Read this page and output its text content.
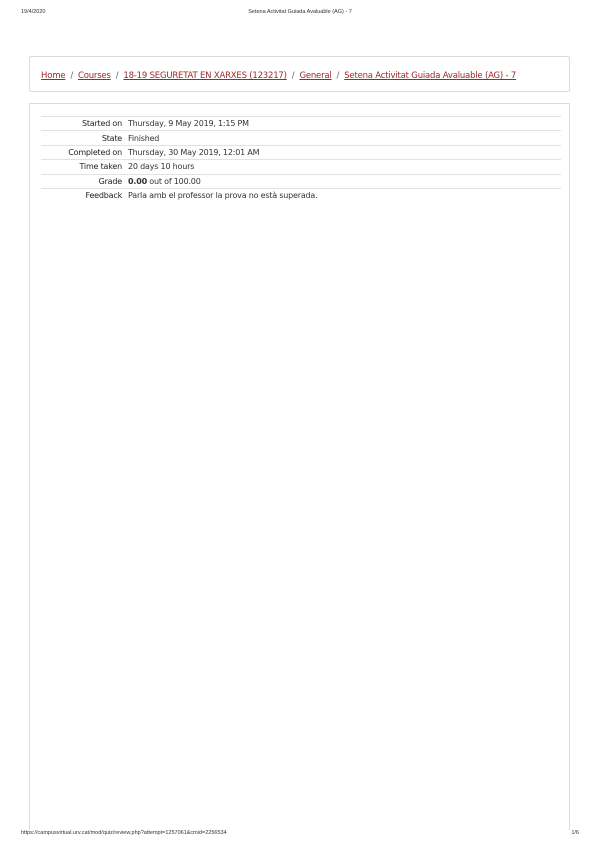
19/4/2020	Setena Activitat Guiada Avaluable (AG) - 7
Home / Courses / 18-19 SEGURETAT EN XARXES (123217) / General / Setena Activitat Guiada Avaluable (AG) - 7
Started on	Thursday, 9 May 2019, 1:15 PM
State	Finished
Completed on	Thursday, 30 May 2019, 12:01 AM
Time taken	20 days 10 hours
Grade	0.00 out of 100.00
Feedback	Parla amb el professor la prova no està superada.
https://campusvirtual.urv.cat/mod/quiz/review.php?attempt=1257061&cmid=2256534	1/6
